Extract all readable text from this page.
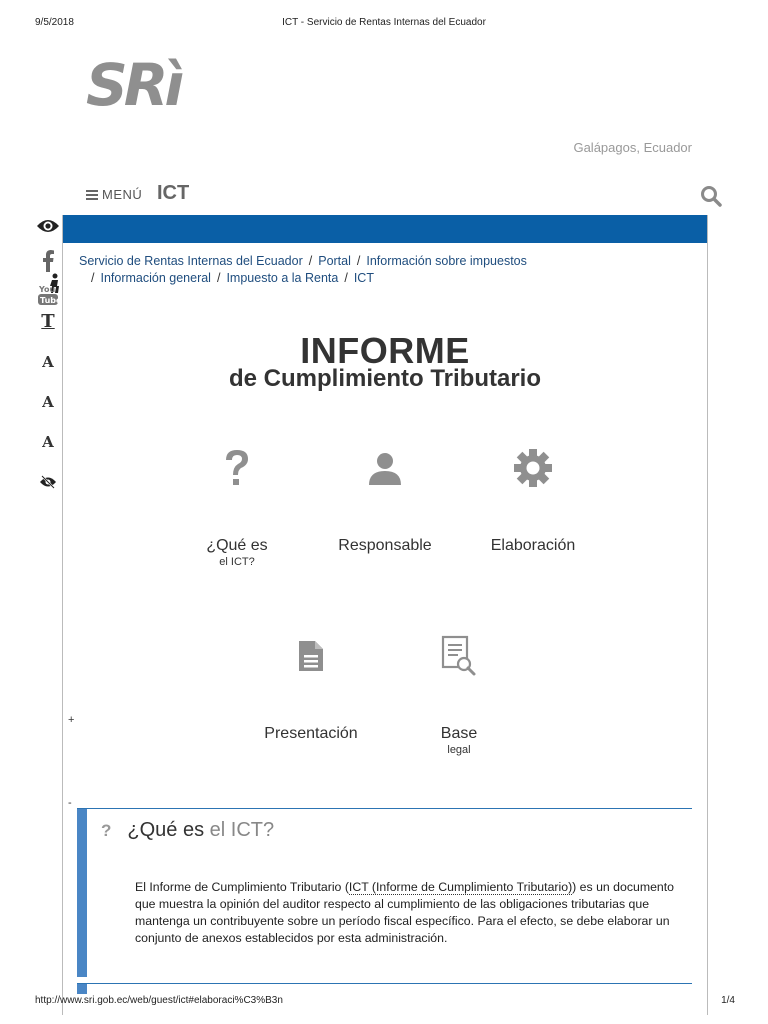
9/5/2018	ICT - Servicio de Rentas Internas del Ecuador
SRì
Galápagos, Ecuador
MENÚ ICT
You
Tube
T
A
A
A
Servicio de Rentas Internas del Ecuador / Portal / Información sobre impuestos
/ Información general / Impuesto a la Renta / ICT
INFORME
de Cumplimiento Tributario
¿Qué es
el ICT?
Responsable	Elaboración
Presentación	Base
legal
+
-
? ¿Qué es el ICT?

El Informe de Cumplimiento Tributario (ICT (Informe de Cumplimiento Tributario)) es un documento que muestra la opinión del auditor respecto al cumplimiento de las obligaciones tributarias que mantenga un contribuyente sobre un período fiscal específico. Para el efecto, se debe elaborar un conjunto de anexos establecidos por esta administración.

http://www.sri.gob.ec/web/guest/ict#elaboraci%C3%B3n	1/4
